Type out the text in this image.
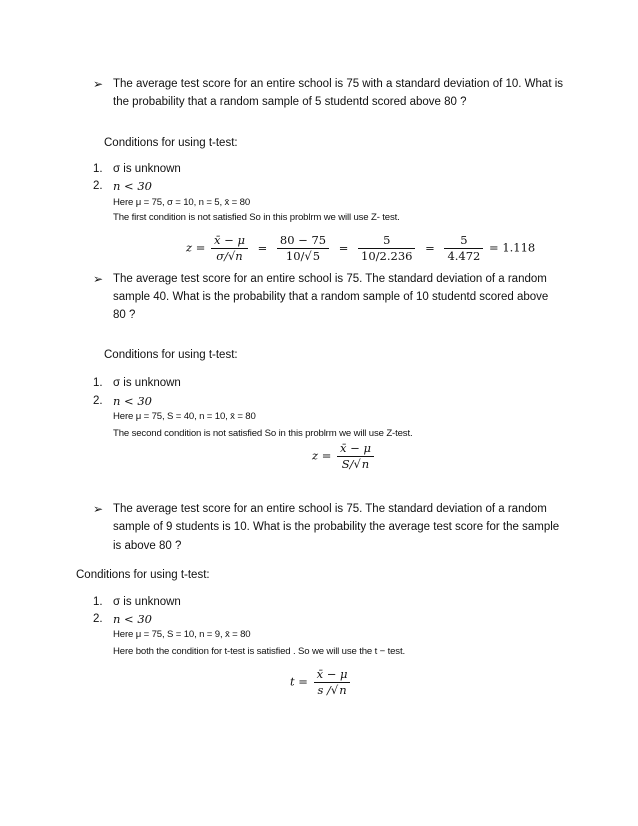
➢ The average test score for an entire school is 75 with a standard deviation of 10. What is
the probability that a random sample of 5 studentd scored above 80 ?
Conditions for using t-test:
1. σ is unknown
2. n < 30
Here μ = 75, σ = 10, n = 5, x̄ = 80
The first condition is not satisfied So in this problrm we will use Z- test.
$z = \frac{x̄ - \mu}{\sigma/√n} = \frac{80 - 75}{10/√5} = \frac{5}{10/2.236} = \frac{5}{4.472} = 1.118$
➢ The average test score for an entire school is 75. The standard deviation of a random
sample 40. What is the probability that a random sample of 10 studentd scored above
80 ?
Conditions for using t-test:
1. σ is unknown
2. n < 30
Here μ = 75, S = 40, n = 10, x̄ = 80
The second condition is not satisfied So in this problrm we will use Z-test.
$z = \frac{x̄ - \mu}{S/√n}$
➢ The average test score for an entire school is 75. The standard deviation of a random
sample of 9 students is 10. What is the probability the average test score for the sample
is above 80 ?
Conditions for using t-test:
1. σ is unknown
2. n < 30
Here μ = 75, S = 10, n = 9, x̄ = 80
Here both the condition for t-test is satisfied . So we will use the t − test.
$t = \frac{x̄ - \mu}{s /√n}$
